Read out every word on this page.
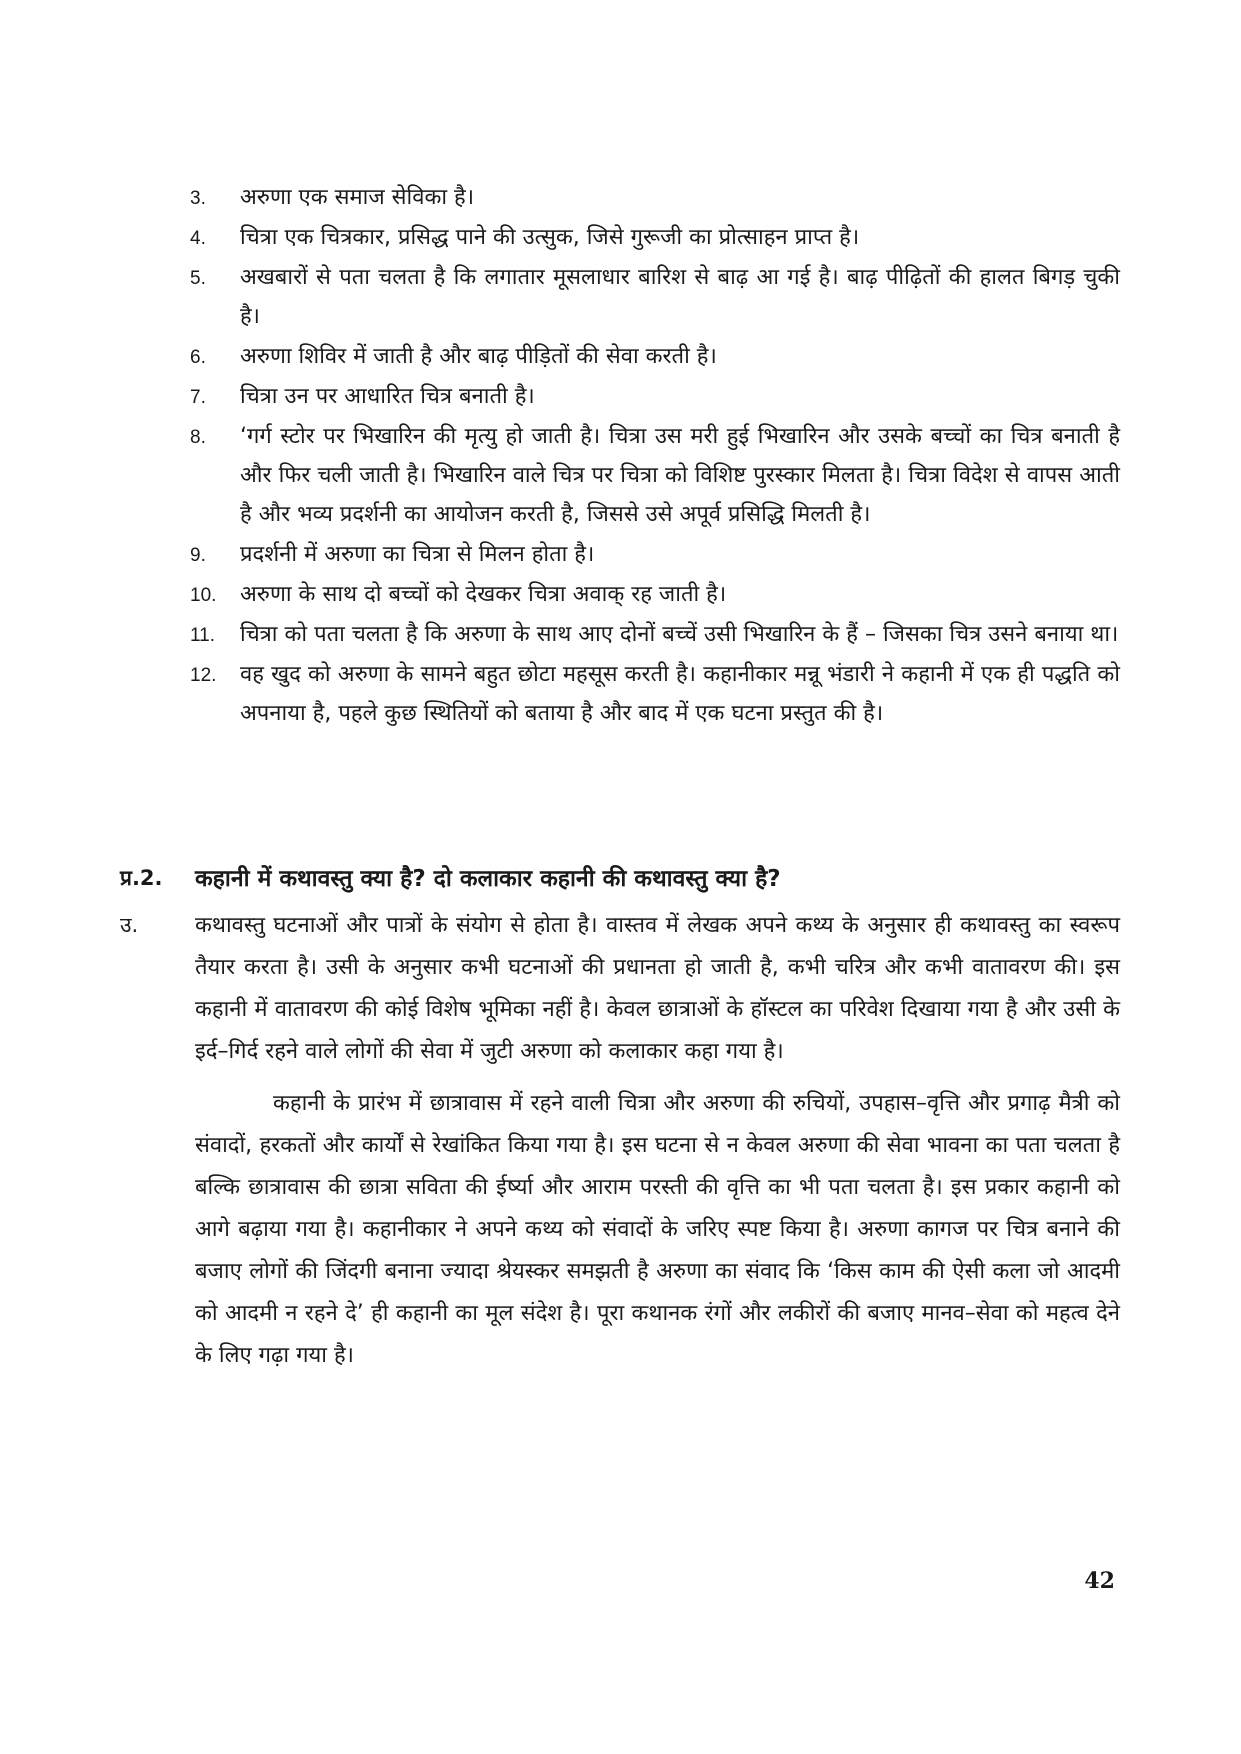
3. अरुणा एक समाज सेविका है।
4. चित्रा एक चित्रकार, प्रसिद्ध पाने की उत्सुक, जिसे गुरूजी का प्रोत्साहन प्राप्त है।
5. अखबारों से पता चलता है कि लगातार मूसलाधार बारिश से बाढ़ आ गई है। बाढ़ पीढ़ितों की हालत बिगड़ चुकी है।
6. अरुणा शिविर में जाती है और बाढ़ पीड़ितों की सेवा करती है।
7. चित्रा उन पर आधारित चित्र बनाती है।
8. ‘गर्ग स्टोर पर भिखारिन की मृत्यु हो जाती है। चित्रा उस मरी हुई भिखारिन और उसके बच्चों का चित्र बनाती है और फिर चली जाती है। भिखारिन वाले चित्र पर चित्रा को विशिष्ट पुरस्कार मिलता है। चित्रा विदेश से वापस आती है और भव्य प्रदर्शनी का आयोजन करती है, जिससे उसे अपूर्व प्रसिद्धि मिलती है।
9. प्रदर्शनी में अरुणा का चित्रा से मिलन होता है।
10. अरुणा के साथ दो बच्चों को देखकर चित्रा अवाक् रह जाती है।
11. चित्रा को पता चलता है कि अरुणा के साथ आए दोनों बच्चें उसी भिखारिन के हैं – जिसका चित्र उसने बनाया था।
12. वह खुद को अरुणा के सामने बहुत छोटा महसूस करती है। कहानीकार मन्नू भंडारी ने कहानी में एक ही पद्धति को अपनाया है, पहले कुछ स्थितियों को बताया है और बाद में एक घटना प्रस्तुत की है।
प्र.2.	कहानी में कथावस्तु क्या है? दो कलाकार कहानी की कथावस्तु क्या है?
उ.	कथावस्तु घटनाओं और पात्रों के संयोग से होता है। वास्तव में लेखक अपने कथ्य के अनुसार ही कथावस्तु का स्वरूप तैयार करता है। उसी के अनुसार कभी घटनाओं की प्रधानता हो जाती है, कभी चरित्र और कभी वातावरण की। इस कहानी में वातावरण की कोई विशेष भूमिका नहीं है। केवल छात्राओं के हॉस्टल का परिवेश दिखाया गया है और उसी के इर्द–गिर्द रहने वाले लोगों की सेवा में जुटी अरुणा को कलाकार कहा गया है।

कहानी के प्रारंभ में छात्रावास में रहने वाली चित्रा और अरुणा की रुचियों, उपहास–वृत्ति और प्रगाढ़ मैत्री को संवादों, हरकतों और कार्यों से रेखांकित किया गया है। इस घटना से न केवल अरुणा की सेवा भावना का पता चलता है बल्कि छात्रावास की छात्रा सविता की ईर्ष्या और आराम परस्ती की वृत्ति का भी पता चलता है। इस प्रकार कहानी को आगे बढ़ाया गया है। कहानीकार ने अपने कथ्य को संवादों के जरिए स्पष्ट किया है। अरुणा कागज पर चित्र बनाने की बजाए लोगों की जिंदगी बनाना ज्यादा श्रेयस्कर समझती है अरुणा का संवाद कि ‘किस काम की ऐसी कला जो आदमी को आदमी न रहने दे’ ही कहानी का मूल संदेश है। पूरा कथानक रंगों और लकीरों की बजाए मानव–सेवा को महत्व देने के लिए गढ़ा गया है।

42
